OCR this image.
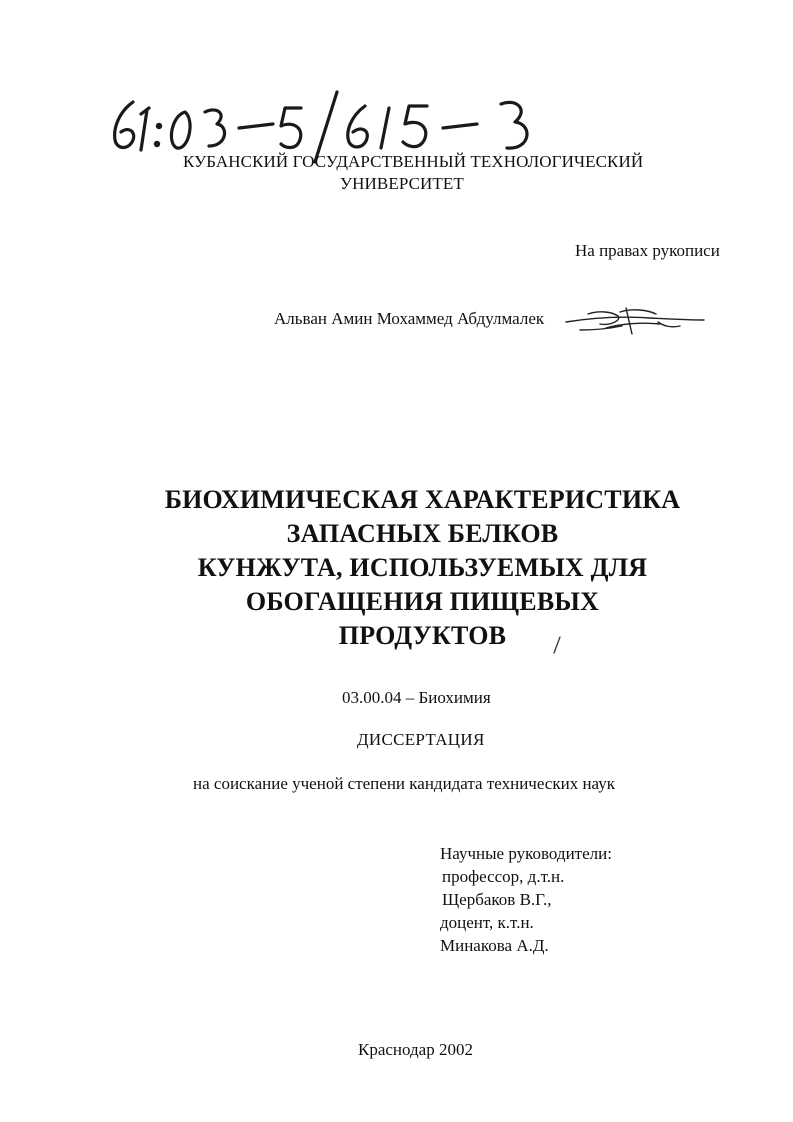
КУБАНСКИЙ ГОСУДАРСТВЕННЫЙ ТЕХНОЛОГИЧЕСКИЙ
УНИВЕРСИТЕТ
На правах рукописи
Альван Амин Мохаммед Абдулмалек
БИОХИМИЧЕСКАЯ ХАРАКТЕРИСТИКА
ЗАПАСНЫХ БЕЛКОВ
КУНЖУТА, ИСПОЛЬЗУЕМЫХ ДЛЯ
ОБОГАЩЕНИЯ ПИЩЕВЫХ
ПРОДУКТОВ
03.00.04 – Биохимия
ДИССЕРТАЦИЯ
на соискание ученой степени кандидата технических наук
Научные руководители:
профессор, д.т.н.
Щербаков В.Г.,
доцент, к.т.н.
Минакова А.Д.
Краснодар 2002
